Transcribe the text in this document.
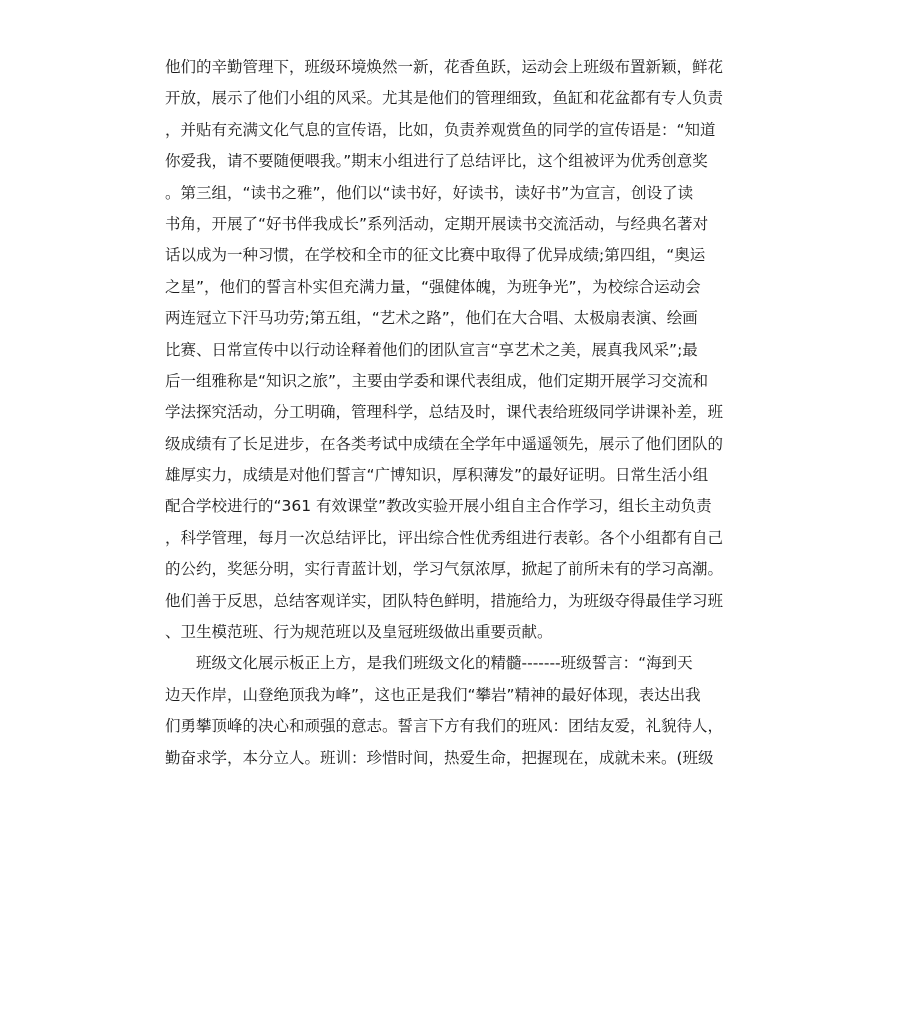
他们的辛勤管理下，班级环境焕然一新，花香鱼跃，运动会上班级布置新颖，鲜花
开放，展示了他们小组的风采。尤其是他们的管理细致，鱼缸和花盆都有专人负责
，并贴有充满文化气息的宣传语，比如，负责养观赏鱼的同学的宣传语是：“知道
你爱我，请不要随便喂我。”期末小组进行了总结评比，这个组被评为优秀创意奖
。第三组，“读书之雅”，他们以“读书好，好读书，读好书”为宣言，创设了读
书角，开展了“好书伴我成长”系列活动，定期开展读书交流活动，与经典名著对
话以成为一种习惯，在学校和全市的征文比赛中取得了优异成绩;第四组，“奥运
之星”，他们的誓言朴实但充满力量，“强健体魄，为班争光”，为校综合运动会
两连冠立下汗马功劳;第五组，“艺术之路”，他们在大合唱、太极扇表演、绘画
比赛、日常宣传中以行动诠释着他们的团队宣言“享艺术之美，展真我风采”;最
后一组雅称是“知识之旅”，主要由学委和课代表组成，他们定期开展学习交流和
学法探究活动，分工明确，管理科学，总结及时，课代表给班级同学讲课补差，班
级成绩有了长足进步，在各类考试中成绩在全学年中遥遥领先，展示了他们团队的
雄厚实力，成绩是对他们誓言“广博知识，厚积薄发”的最好证明。日常生活小组
配合学校进行的“361 有效课堂”教改实验开展小组自主合作学习，组长主动负责
，科学管理，每月一次总结评比，评出综合性优秀组进行表彰。各个小组都有自己
的公约，奖惩分明，实行青蓝计划，学习气氛浓厚，掀起了前所未有的学习高潮。
他们善于反思，总结客观详实，团队特色鲜明，措施给力，为班级夺得最佳学习班
、卫生模范班、行为规范班以及皇冠班级做出重要贡献。
　　班级文化展示板正上方，是我们班级文化的精髓-------班级誓言：“海到天
边天作岸，山登绝顶我为峰”，这也正是我们“攀岩”精神的最好体现，表达出我
们勇攀顶峰的决心和顽强的意志。誓言下方有我们的班风：团结友爱，礼貌待人，
勤奋求学，本分立人。班训：珍惜时间，热爱生命，把握现在，成就未来。(班级
